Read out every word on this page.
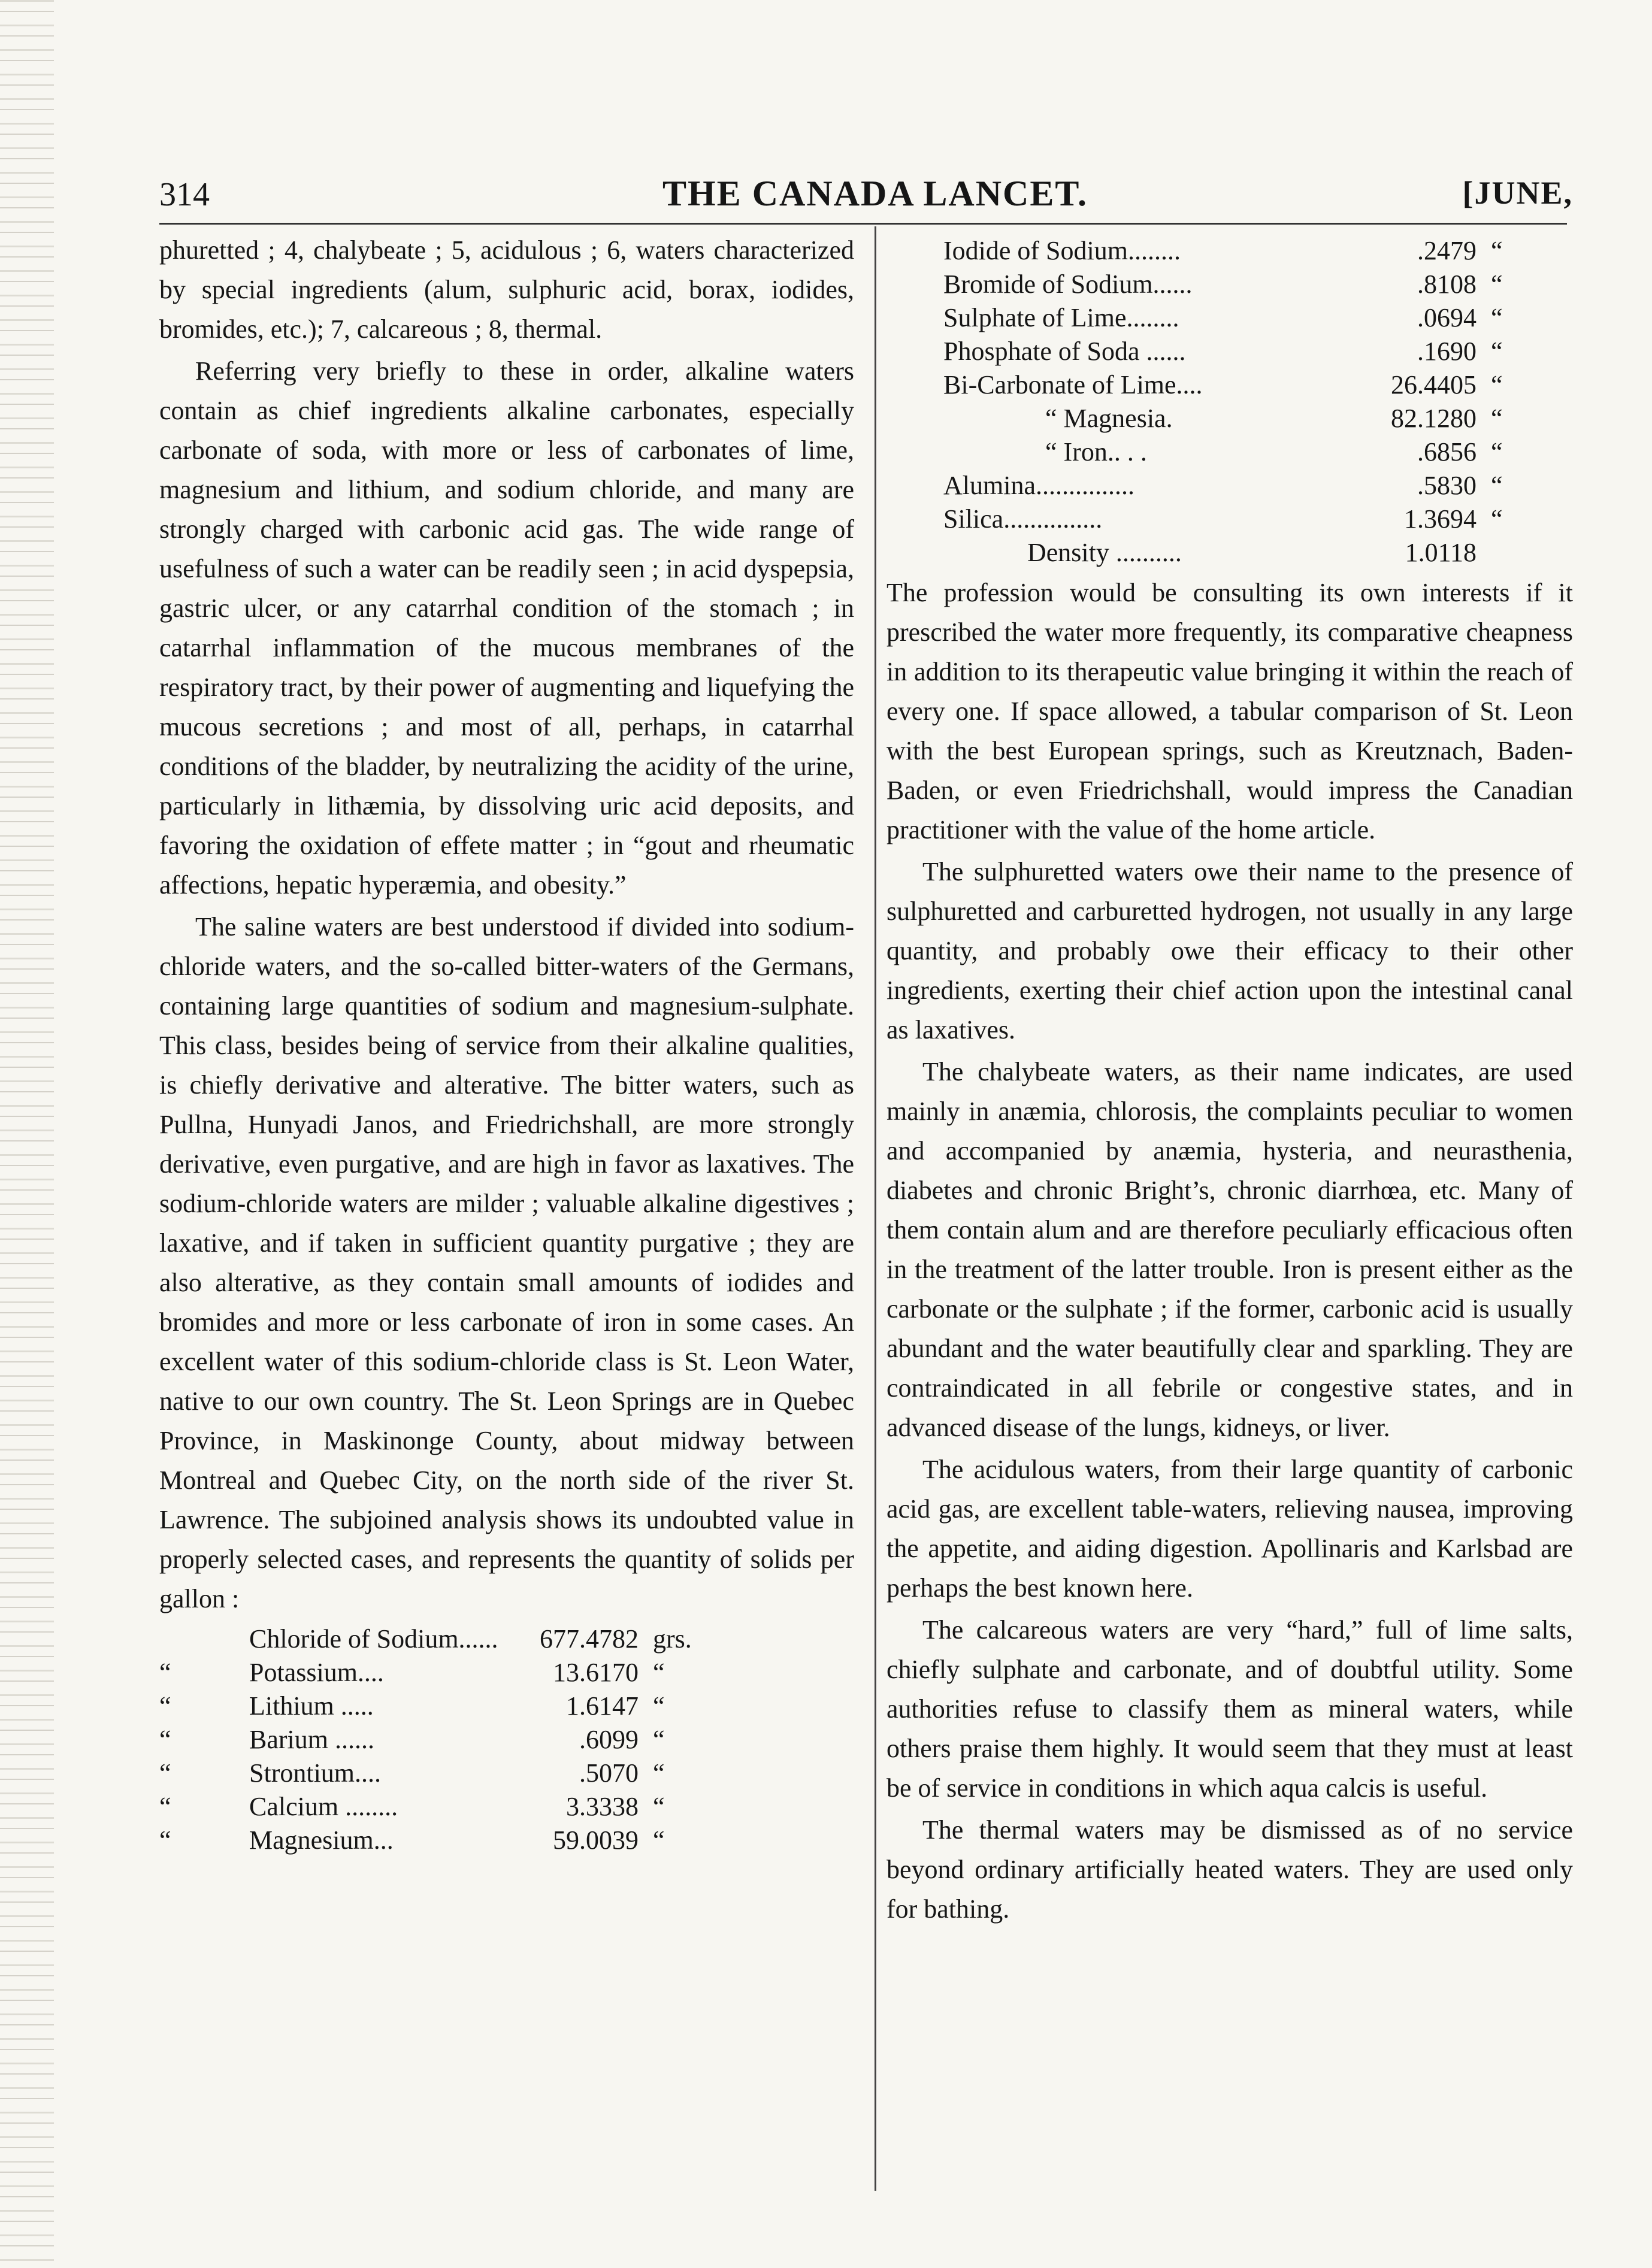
314	THE CANADA LANCET.	[JUNE,

phuretted ; 4, chalybeate ; 5, acidulous ; 6, waters characterized by special ingredients (alum, sulphuric acid, borax, iodides, bromides, etc.); 7, calcareous ; 8, thermal.

Referring very briefly to these in order, alkaline waters contain as chief ingredients alkaline carbonates, especially carbonate of soda, with more or less of carbonates of lime, magnesium and lithium, and sodium chloride, and many are strongly charged with carbonic acid gas. The wide range of usefulness of such a water can be readily seen ; in acid dyspepsia, gastric ulcer, or any catarrhal condition of the stomach ; in catarrhal inflammation of the mucous membranes of the respiratory tract, by their power of augmenting and liquefying the mucous secretions ; and most of all, perhaps, in catarrhal conditions of the bladder, by neutralizing the acidity of the urine, particularly in lithæmia, by dissolving uric acid deposits, and favoring the oxidation of effete matter ; in “gout and rheumatic affections, hepatic hyperæmia, and obesity.”

The saline waters are best understood if divided into sodium-chloride waters, and the so-called bitter-waters of the Germans, containing large quantities of sodium and magnesium-sulphate. This class, besides being of service from their alkaline qualities, is chiefly derivative and alterative. The bitter waters, such as Pullna, Hunyadi Janos, and Friedrichshall, are more strongly derivative, even purgative, and are high in favor as laxatives. The sodium-chloride waters are milder ; valuable alkaline digestives ; laxative, and if taken in sufficient quantity purgative ; they are also alterative, as they contain small amounts of iodides and bromides and more or less carbonate of iron in some cases. An excellent water of this sodium-chloride class is St. Leon Water, native to our own country. The St. Leon Springs are in Quebec Province, in Maskinonge County, about midway between Montreal and Quebec City, on the north side of the river St. Lawrence. The subjoined analysis shows its undoubted value in properly selected cases, and represents the quantity of solids per gallon :

Chloride of Sodium......	677.4782 grs.
“	Potassium....	13.6170 “
“	Lithium .....	1.6147 “
“	Barium ......	.6099 “
“	Strontium....	.5070 “
“	Calcium ........	3.3338 “
“	Magnesium...	59.0039 “
Iodide of Sodium........	.2479 “
Bromide of Sodium......	.8108 “
Sulphate of Lime........	.0694 “
Phosphate of Soda ......	.1690 “
Bi-Carbonate of Lime....	26.4405 “
“ Magnesia.	82.1280 “
“ Iron.. . .	.6856 “
Alumina...............	.5830 “
Silica...............	1.3694 “
Density ..........	1.0118

The profession would be consulting its own interests if it prescribed the water more frequently, its comparative cheapness in addition to its therapeutic value bringing it within the reach of every one. If space allowed, a tabular comparison of St. Leon with the best European springs, such as Kreutznach, Baden-Baden, or even Friedrichshall, would impress the Canadian practitioner with the value of the home article.

The sulphuretted waters owe their name to the presence of sulphuretted and carburetted hydrogen, not usually in any large quantity, and probably owe their efficacy to their other ingredients, exerting their chief action upon the intestinal canal as laxatives.

The chalybeate waters, as their name indicates, are used mainly in anæmia, chlorosis, the complaints peculiar to women and accompanied by anæmia, hysteria, and neurasthenia, diabetes and chronic Bright’s, chronic diarrhœa, etc. Many of them contain alum and are therefore peculiarly efficacious often in the treatment of the latter trouble. Iron is present either as the carbonate or the sulphate ; if the former, carbonic acid is usually abundant and the water beautifully clear and sparkling. They are contraindicated in all febrile or congestive states, and in advanced disease of the lungs, kidneys, or liver.

The acidulous waters, from their large quantity of carbonic acid gas, are excellent table-waters, relieving nausea, improving the appetite, and aiding digestion. Apollinaris and Karlsbad are perhaps the best known here.

The calcareous waters are very “hard,” full of lime salts, chiefly sulphate and carbonate, and of doubtful utility. Some authorities refuse to classify them as mineral waters, while others praise them highly. It would seem that they must at least be of service in conditions in which aqua calcis is useful.

The thermal waters may be dismissed as of no service beyond ordinary artificially heated waters. They are used only for bathing.
